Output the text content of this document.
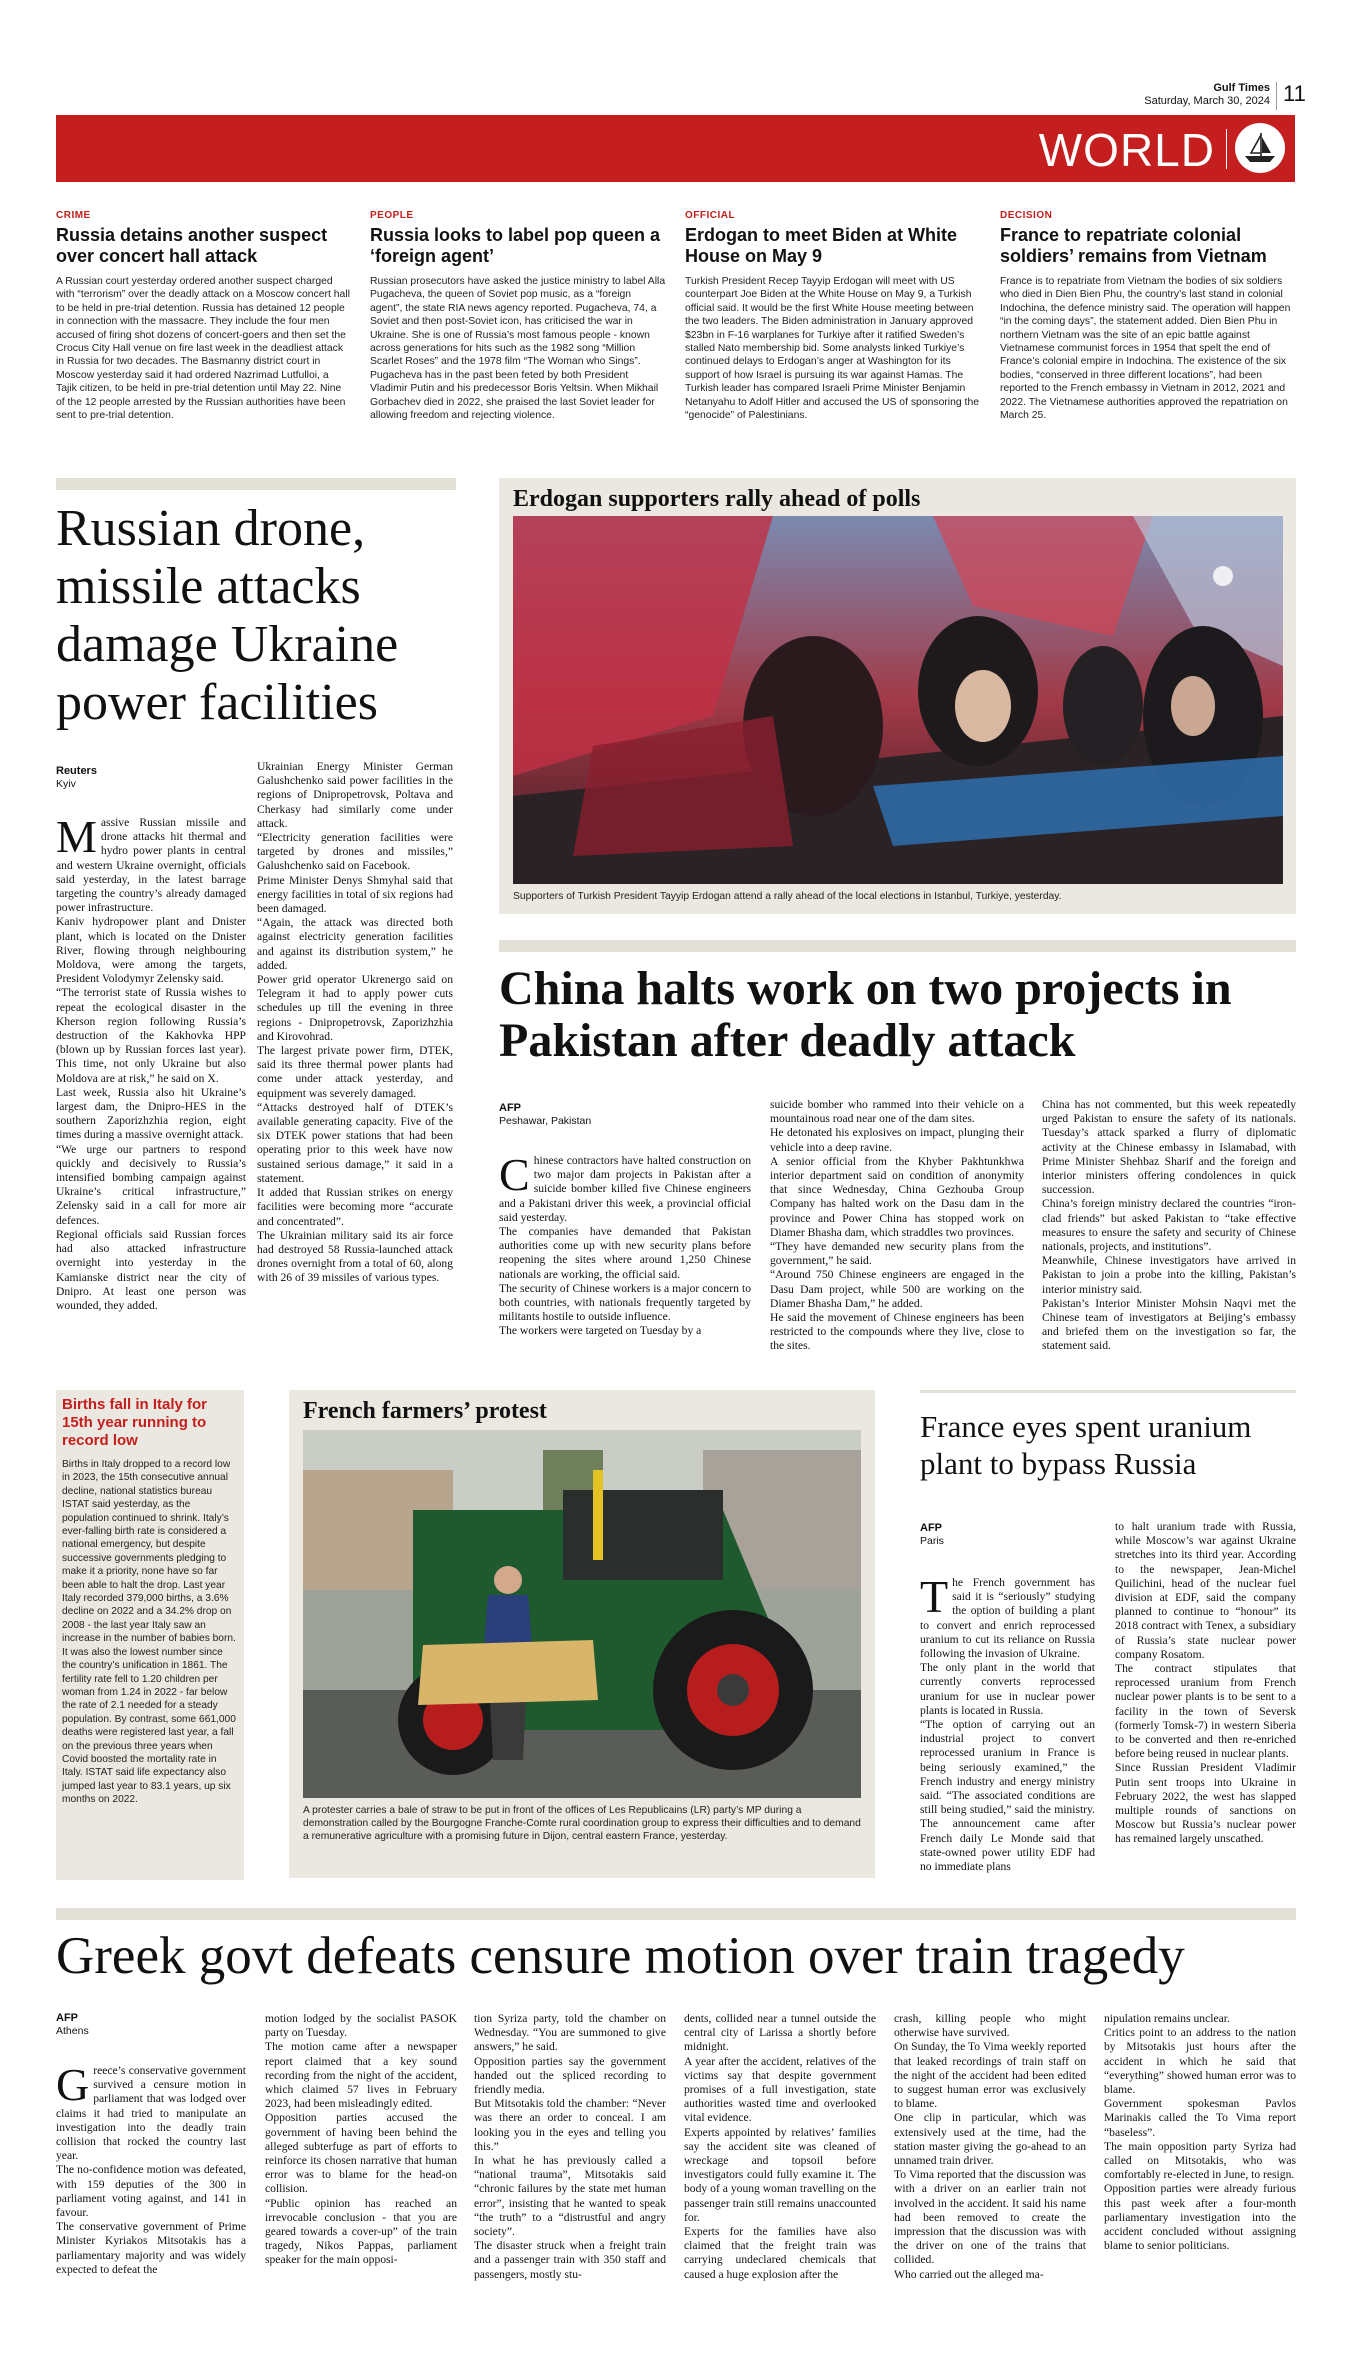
Gulf Times
Saturday, March 30, 2024 11
WORLD
CRIME
Russia detains another suspect over concert hall attack
A Russian court yesterday ordered another suspect charged with “terrorism” over the deadly attack on a Moscow concert hall to be held in pre-trial detention. Russia has detained 12 people in connection with the massacre. They include the four men accused of firing shot dozens of concert-goers and then set the Crocus City Hall venue on fire last week in the deadliest attack in Russia for two decades. The Basmanny district court in Moscow yesterday said it had ordered Nazrimad Lutfulloi, a Tajik citizen, to be held in pre-trial detention until May 22. Nine of the 12 people arrested by the Russian authorities have been sent to pre-trial detention.
PEOPLE
Russia looks to label pop queen a ‘foreign agent’
Russian prosecutors have asked the justice ministry to label Alla Pugacheva, the queen of Soviet pop music, as a “foreign agent”, the state RIA news agency reported. Pugacheva, 74, a Soviet and then post-Soviet icon, has criticised the war in Ukraine. She is one of Russia’s most famous people - known across generations for hits such as the 1982 song “Million Scarlet Roses” and the 1978 film “The Woman who Sings”. Pugacheva has in the past been feted by both President Vladimir Putin and his predecessor Boris Yeltsin. When Mikhail Gorbachev died in 2022, she praised the last Soviet leader for allowing freedom and rejecting violence.
OFFICIAL
Erdogan to meet Biden at White House on May 9
Turkish President Recep Tayyip Erdogan will meet with US counterpart Joe Biden at the White House on May 9, a Turkish official said. It would be the first White House meeting between the two leaders. The Biden administration in January approved $23bn in F-16 warplanes for Turkiye after it ratified Sweden’s stalled Nato membership bid. Some analysts linked Turkiye’s continued delays to Erdogan’s anger at Washington for its support of how Israel is pursuing its war against Hamas. The Turkish leader has compared Israeli Prime Minister Benjamin Netanyahu to Adolf Hitler and accused the US of sponsoring the “genocide” of Palestinians.
DECISION
France to repatriate colonial soldiers’ remains from Vietnam
France is to repatriate from Vietnam the bodies of six soldiers who died in Dien Bien Phu, the country’s last stand in colonial Indochina, the defence ministry said. The operation will happen “in the coming days”, the statement added. Dien Bien Phu in northern Vietnam was the site of an epic battle against Vietnamese communist forces in 1954 that spelt the end of France’s colonial empire in Indochina. The existence of the six bodies, “conserved in three different locations”, had been reported to the French embassy in Vietnam in 2012, 2021 and 2022. The Vietnamese authorities approved the repatriation on March 25.
Russian drone, missile attacks damage Ukraine power facilities
Reuters
Kyiv

Massive Russian missile and drone attacks hit thermal and hydro power plants in central and western Ukraine overnight, officials said yesterday, in the latest barrage targeting the country’s already damaged power infrastructure.

Kaniv hydropower plant and Dnister plant, which is located on the Dnister River, flowing through neighbouring Moldova, were among the targets, President Volodymyr Zelensky said.

“The terrorist state of Russia wishes to repeat the ecological disaster in the Kherson region following Russia’s destruction of the Kakhovka HPP (blown up by Russian forces last year). This time, not only Ukraine but also Moldova are at risk,” he said on X.

Last week, Russia also hit Ukraine’s largest dam, the Dnipro-HES in the southern Zaporizhzhia region, eight times during a massive overnight attack.

“We urge our partners to respond quickly and decisively to Russia’s intensified bombing campaign against Ukraine’s critical infrastructure,” Zelensky said in a call for more air defences.

Regional officials said Russian forces had also attacked infrastructure overnight into yesterday in the Kamianske district near the city of Dnipro. At least one person was wounded, they added.

Ukrainian Energy Minister German Galushchenko said power facilities in the regions of Dnipropetrovsk, Poltava and Cherkasy had similarly come under attack.

“Electricity generation facilities were targeted by drones and missiles,” Galushchenko said on Facebook.

Prime Minister Denys Shmyhal said that energy facilities in total of six regions had been damaged.

“Again, the attack was directed both against electricity generation facilities and against its distribution system,” he added.

Power grid operator Ukrenergo said on Telegram it had to apply power cuts schedules up till the evening in three regions - Dnipropetrovsk, Zaporizhzhia and Kirovohrad.

The largest private power firm, DTEK, said its three thermal power plants had come under attack yesterday, and equipment was severely damaged.

“Attacks destroyed half of DTEK’s available generating capacity. Five of the six DTEK power stations that had been operating prior to this week have now sustained serious damage,” it said in a statement.

It added that Russian strikes on energy facilities were becoming more “accurate and concentrated”.

The Ukrainian military said its air force had destroyed 58 Russia-launched attack drones overnight from a total of 60, along with 26 of 39 missiles of various types.

Erdogan supporters rally ahead of polls
Supporters of Turkish President Tayyip Erdogan attend a rally ahead of the local elections in Istanbul, Turkiye, yesterday.
China halts work on two projects in Pakistan after deadly attack
AFP
Peshawar, Pakistan

Chinese contractors have halted construction on two major dam projects in Pakistan after a suicide bomber killed five Chinese engineers and a Pakistani driver this week, a provincial official said yesterday.

The companies have demanded that Pakistan authorities come up with new security plans before reopening the sites where around 1,250 Chinese nationals are working, the official said.

The security of Chinese workers is a major concern to both countries, with nationals frequently targeted by militants hostile to outside influence.

The workers were targeted on Tuesday by a

suicide bomber who rammed into their vehicle on a mountainous road near one of the dam sites.

He detonated his explosives on impact, plunging their vehicle into a deep ravine.

A senior official from the Khyber Pakhtunkhwa interior department said on condition of anonymity that since Wednesday, China Gezhouba Group Company has halted work on the Dasu dam in the province and Power China has stopped work on Diamer Bhasha dam, which straddles two provinces.

“They have demanded new security plans from the government,” he said.

“Around 750 Chinese engineers are engaged in the Dasu Dam project, while 500 are working on the Diamer Bhasha Dam,” he added.

He said the movement of Chinese engineers has been restricted to the compounds where they live, close to the sites.

China has not commented, but this week repeatedly urged Pakistan to ensure the safety of its nationals. Tuesday’s attack sparked a flurry of diplomatic activity at the Chinese embassy in Islamabad, with Prime Minister Shehbaz Sharif and the foreign and interior ministers offering condolences in quick succession.

China’s foreign ministry declared the countries “iron-clad friends” but asked Pakistan to “take effective measures to ensure the safety and security of Chinese nationals, projects, and institutions”.

Meanwhile, Chinese investigators have arrived in Pakistan to join a probe into the killing, Pakistan’s interior ministry said.

Pakistan’s Interior Minister Mohsin Naqvi met the Chinese team of investigators at Beijing’s embassy and briefed them on the investigation so far, the statement said.

Births fall in Italy for 15th year running to record low
Births in Italy dropped to a record low in 2023, the 15th consecutive annual decline, national statistics bureau ISTAT said yesterday, as the population continued to shrink. Italy’s ever-falling birth rate is considered a national emergency, but despite successive governments pledging to make it a priority, none have so far been able to halt the drop. Last year Italy recorded 379,000 births, a 3.6% decline on 2022 and a 34.2% drop on 2008 - the last year Italy saw an increase in the number of babies born. It was also the lowest number since the country’s unification in 1861. The fertility rate fell to 1.20 children per woman from 1.24 in 2022 - far below the rate of 2.1 needed for a steady population. By contrast, some 661,000 deaths were registered last year, a fall on the previous three years when Covid boosted the mortality rate in Italy. ISTAT said life expectancy also jumped last year to 83.1 years, up six months on 2022.
French farmers’ protest
A protester carries a bale of straw to be put in front of the offices of Les Republicains (LR) party’s MP during a demonstration called by the Bourgogne Franche-Comte rural coordination group to express their difficulties and to demand a remunerative agriculture with a promising future in Dijon, central eastern France, yesterday.
France eyes spent uranium plant to bypass Russia
AFP
Paris

The French government has said it is “seriously” studying the option of building a plant to convert and enrich reprocessed uranium to cut its reliance on Russia following the invasion of Ukraine.

The only plant in the world that currently converts reprocessed uranium for use in nuclear power plants is located in Russia.

“The option of carrying out an industrial project to convert reprocessed uranium in France is being seriously examined,” the French industry and energy ministry said. “The associated conditions are still being studied,” said the ministry. The announcement came after French daily Le Monde said that state-owned power utility EDF had no immediate plans

to halt uranium trade with Russia, while Moscow’s war against Ukraine stretches into its third year. According to the newspaper, Jean-Michel Quilichini, head of the nuclear fuel division at EDF, said the company planned to continue to “honour” its 2018 contract with Tenex, a subsidiary of Russia’s state nuclear power company Rosatom.

The contract stipulates that reprocessed uranium from French nuclear power plants is to be sent to a facility in the town of Seversk (formerly Tomsk-7) in western Siberia to be converted and then re-enriched before being reused in nuclear plants.

Since Russian President Vladimir Putin sent troops into Ukraine in February 2022, the west has slapped multiple rounds of sanctions on Moscow but Russia’s nuclear power has remained largely unscathed.

Greek govt defeats censure motion over train tragedy
AFP
Athens

Greece’s conservative government survived a censure motion in parliament that was lodged over claims it had tried to manipulate an investigation into the deadly train collision that rocked the country last year.

The no-confidence motion was defeated, with 159 deputies of the 300 in parliament voting against, and 141 in favour.

The conservative government of Prime Minister Kyriakos Mitsotakis has a parliamentary majority and was widely expected to defeat the

motion lodged by the socialist PASOK party on Tuesday.

The motion came after a newspaper report claimed that a key sound recording from the night of the accident, which claimed 57 lives in February 2023, had been misleadingly edited.

Opposition parties accused the government of having been behind the alleged subterfuge as part of efforts to reinforce its chosen narrative that human error was to blame for the head-on collision.

“Public opinion has reached an irrevocable conclusion - that you are geared towards a cover-up” of the train tragedy, Nikos Pappas, parliament speaker for the main opposi-

tion Syriza party, told the chamber on Wednesday. “You are summoned to give answers,” he said.

Opposition parties say the government handed out the spliced recording to friendly media.

But Mitsotakis told the chamber: “Never was there an order to conceal. I am looking you in the eyes and telling you this.”

In what he has previously called a “national trauma”, Mitsotakis said “chronic failures by the state met human error”, insisting that he wanted to speak “the truth” to a “distrustful and angry society”.

The disaster struck when a freight train and a passenger train with 350 staff and passengers, mostly stu-

dents, collided near a tunnel outside the central city of Larissa a shortly before midnight.

A year after the accident, relatives of the victims say that despite government promises of a full investigation, state authorities wasted time and overlooked vital evidence.

Experts appointed by relatives’ families say the accident site was cleaned of wreckage and topsoil before investigators could fully examine it. The body of a young woman travelling on the passenger train still remains unaccounted for.

Experts for the families have also claimed that the freight train was carrying undeclared chemicals that caused a huge explosion after the

crash, killing people who might otherwise have survived.

On Sunday, the To Vima weekly reported that leaked recordings of train staff on the night of the accident had been edited to suggest human error was exclusively to blame.

One clip in particular, which was extensively used at the time, had the station master giving the go-ahead to an unnamed train driver.

To Vima reported that the discussion was with a driver on an earlier train not involved in the accident. It said his name had been removed to create the impression that the discussion was with the driver on one of the trains that collided.

Who carried out the alleged ma-

nipulation remains unclear.

Critics point to an address to the nation by Mitsotakis just hours after the accident in which he said that “everything” showed human error was to blame.

Government spokesman Pavlos Marinakis called the To Vima report “baseless”.

The main opposition party Syriza had called on Mitsotakis, who was comfortably re-elected in June, to resign.

Opposition parties were already furious this past week after a four-month parliamentary investigation into the accident concluded without assigning blame to senior politicians.
